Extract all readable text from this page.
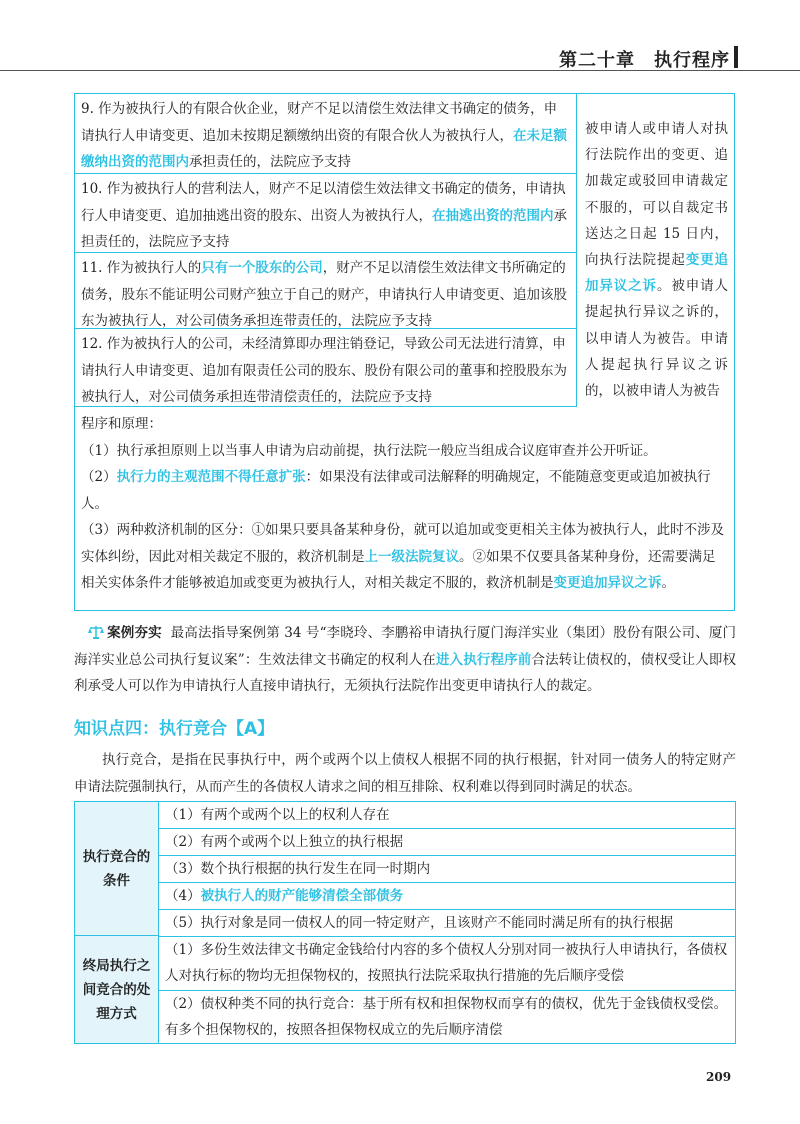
第二十章　执行程序
9. 作为被执行人的有限合伙企业，财产不足以清偿生效法律文书确定的债务，申请执行人申请变更、追加未按期足额缴纳出资的有限合伙人为被执行人，在未足额缴纳出资的范围内承担责任的，法院应予支持
10. 作为被执行人的营利法人，财产不足以清偿生效法律文书确定的债务，申请执行人申请变更、追加抽逃出资的股东、出资人为被执行人，在抽逃出资的范围内承担责任的，法院应予支持
11. 作为被执行人的只有一个股东的公司，财产不足以清偿生效法律文书所确定的债务，股东不能证明公司财产独立于自己的财产，申请执行人申请变更、追加该股东为被执行人，对公司债务承担连带责任的，法院应予支持
12. 作为被执行人的公司，未经清算即办理注销登记，导致公司无法进行清算，申请执行人申请变更、追加有限责任公司的股东、股份有限公司的董事和控股股东为被执行人，对公司债务承担连带清偿责任的，法院应予支持
被申请人或申请人对执行法院作出的变更、追加裁定或驳回申请裁定不服的，可以自裁定书送达之日起 15 日内，向执行法院提起变更追加异议之诉。被申请人提起执行异议之诉的，以申请人为被告。申请人提起执行异议之诉的，以被申请人为被告

程序和原理：

（1）执行承担原则上以当事人申请为启动前提，执行法院一般应当组成合议庭审查并公开听证。

（2）执行力的主观范围不得任意扩张：如果没有法律或司法解释的明确规定，不能随意变更或追加被执行人。

（3）两种救济机制的区分：①如果只要具备某种身份，就可以追加或变更相关主体为被执行人，此时不涉及实体纠纷，因此对相关裁定不服的，救济机制是上一级法院复议。②如果不仅要具备某种身份，还需要满足相关实体条件才能够被追加或变更为被执行人，对相关裁定不服的，救济机制是变更追加异议之诉。

案例夯实 最高法指导案例第 34 号“李晓玲、李鹏裕申请执行厦门海洋实业（集团）股份有限公司、厦门海洋实业总公司执行复议案”：生效法律文书确定的权利人在进入执行程序前合法转让债权的，债权受让人即权利承受人可以作为申请执行人直接申请执行，无须执行法院作出变更申请执行人的裁定。
知识点四：执行竞合【A】
执行竞合，是指在民事执行中，两个或两个以上债权人根据不同的执行根据，针对同一债务人的特定财产申请法院强制执行，从而产生的各债权人请求之间的相互排除、权利难以得到同时满足的状态。
执行竞合的条件
（1）有两个或两个以上的权利人存在
（2）有两个或两个以上独立的执行根据
（3）数个执行根据的执行发生在同一时期内
（4）被执行人的财产能够清偿全部债务
（5）执行对象是同一债权人的同一特定财产，且该财产不能同时满足所有的执行根据
终局执行之间竞合的处理方式
（1）多份生效法律文书确定金钱给付内容的多个债权人分别对同一被执行人申请执行，各债权人对执行标的物均无担保物权的，按照执行法院采取执行措施的先后顺序受偿
（2）债权种类不同的执行竞合：基于所有权和担保物权而享有的债权，优先于金钱债权受偿。有多个担保物权的，按照各担保物权成立的先后顺序清偿
209
